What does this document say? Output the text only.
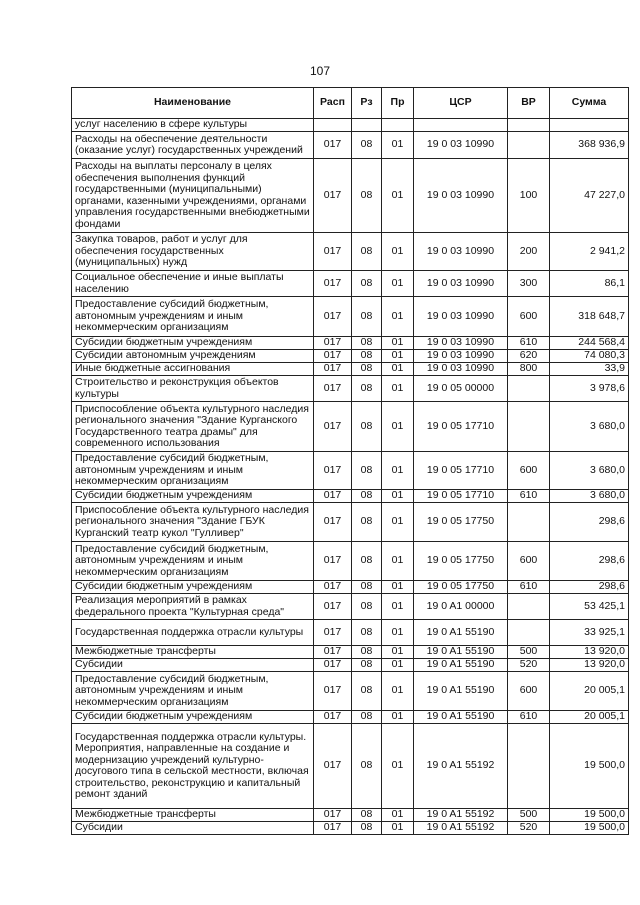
107
Наименование	Расп	Рз	Пр	ЦСР	ВР	Сумма
услуг населению в сфере культуры						
Расходы на обеспечение деятельности (оказание услуг) государственных учреждений	017	08	01	19 0 03 10990		368 936,9
Расходы на выплаты персоналу в целях обеспечения выполнения функций государственными (муниципальными) органами, казенными учреждениями, органами управления государственными внебюджетными фондами	017	08	01	19 0 03 10990	100	47 227,0
Закупка товаров, работ и услуг для обеспечения государственных (муниципальных) нужд	017	08	01	19 0 03 10990	200	2 941,2
Социальное обеспечение и иные выплаты населению	017	08	01	19 0 03 10990	300	86,1
Предоставление субсидий бюджетным, автономным учреждениям и иным некоммерческим организациям	017	08	01	19 0 03 10990	600	318 648,7
Субсидии бюджетным учреждениям	017	08	01	19 0 03 10990	610	244 568,4
Субсидии автономным учреждениям	017	08	01	19 0 03 10990	620	74 080,3
Иные бюджетные ассигнования	017	08	01	19 0 03 10990	800	33,9
Строительство и реконструкция объектов культуры	017	08	01	19 0 05 00000		3 978,6
Приспособление объекта культурного наследия регионального значения "Здание Курганского Государственного театра драмы" для современного использования	017	08	01	19 0 05 17710		3 680,0
Предоставление субсидий бюджетным, автономным учреждениям и иным некоммерческим организациям	017	08	01	19 0 05 17710	600	3 680,0
Субсидии бюджетным учреждениям	017	08	01	19 0 05 17710	610	3 680,0
Приспособление объекта культурного наследия регионального значения "Здание ГБУК Курганский театр кукол "Гулливер"	017	08	01	19 0 05 17750		298,6
Предоставление субсидий бюджетным, автономным учреждениям и иным некоммерческим организациям	017	08	01	19 0 05 17750	600	298,6
Субсидии бюджетным учреждениям	017	08	01	19 0 05 17750	610	298,6
Реализация мероприятий в рамках федерального проекта "Культурная среда"	017	08	01	19 0 A1 00000		53 425,1
Государственная поддержка отрасли культуры	017	08	01	19 0 A1 55190		33 925,1
Межбюджетные трансферты	017	08	01	19 0 A1 55190	500	13 920,0
Субсидии	017	08	01	19 0 A1 55190	520	13 920,0
Предоставление субсидий бюджетным, автономным учреждениям и иным некоммерческим организациям	017	08	01	19 0 A1 55190	600	20 005,1
Субсидии бюджетным учреждениям	017	08	01	19 0 A1 55190	610	20 005,1
Государственная поддержка отрасли культуры. Мероприятия, направленные на создание и модернизацию учреждений культурно-досугового типа в сельской местности, включая строительство, реконструкцию и капитальный ремонт зданий	017	08	01	19 0 A1 55192		19 500,0
Межбюджетные трансферты	017	08	01	19 0 A1 55192	500	19 500,0
Субсидии	017	08	01	19 0 A1 55192	520	19 500,0
